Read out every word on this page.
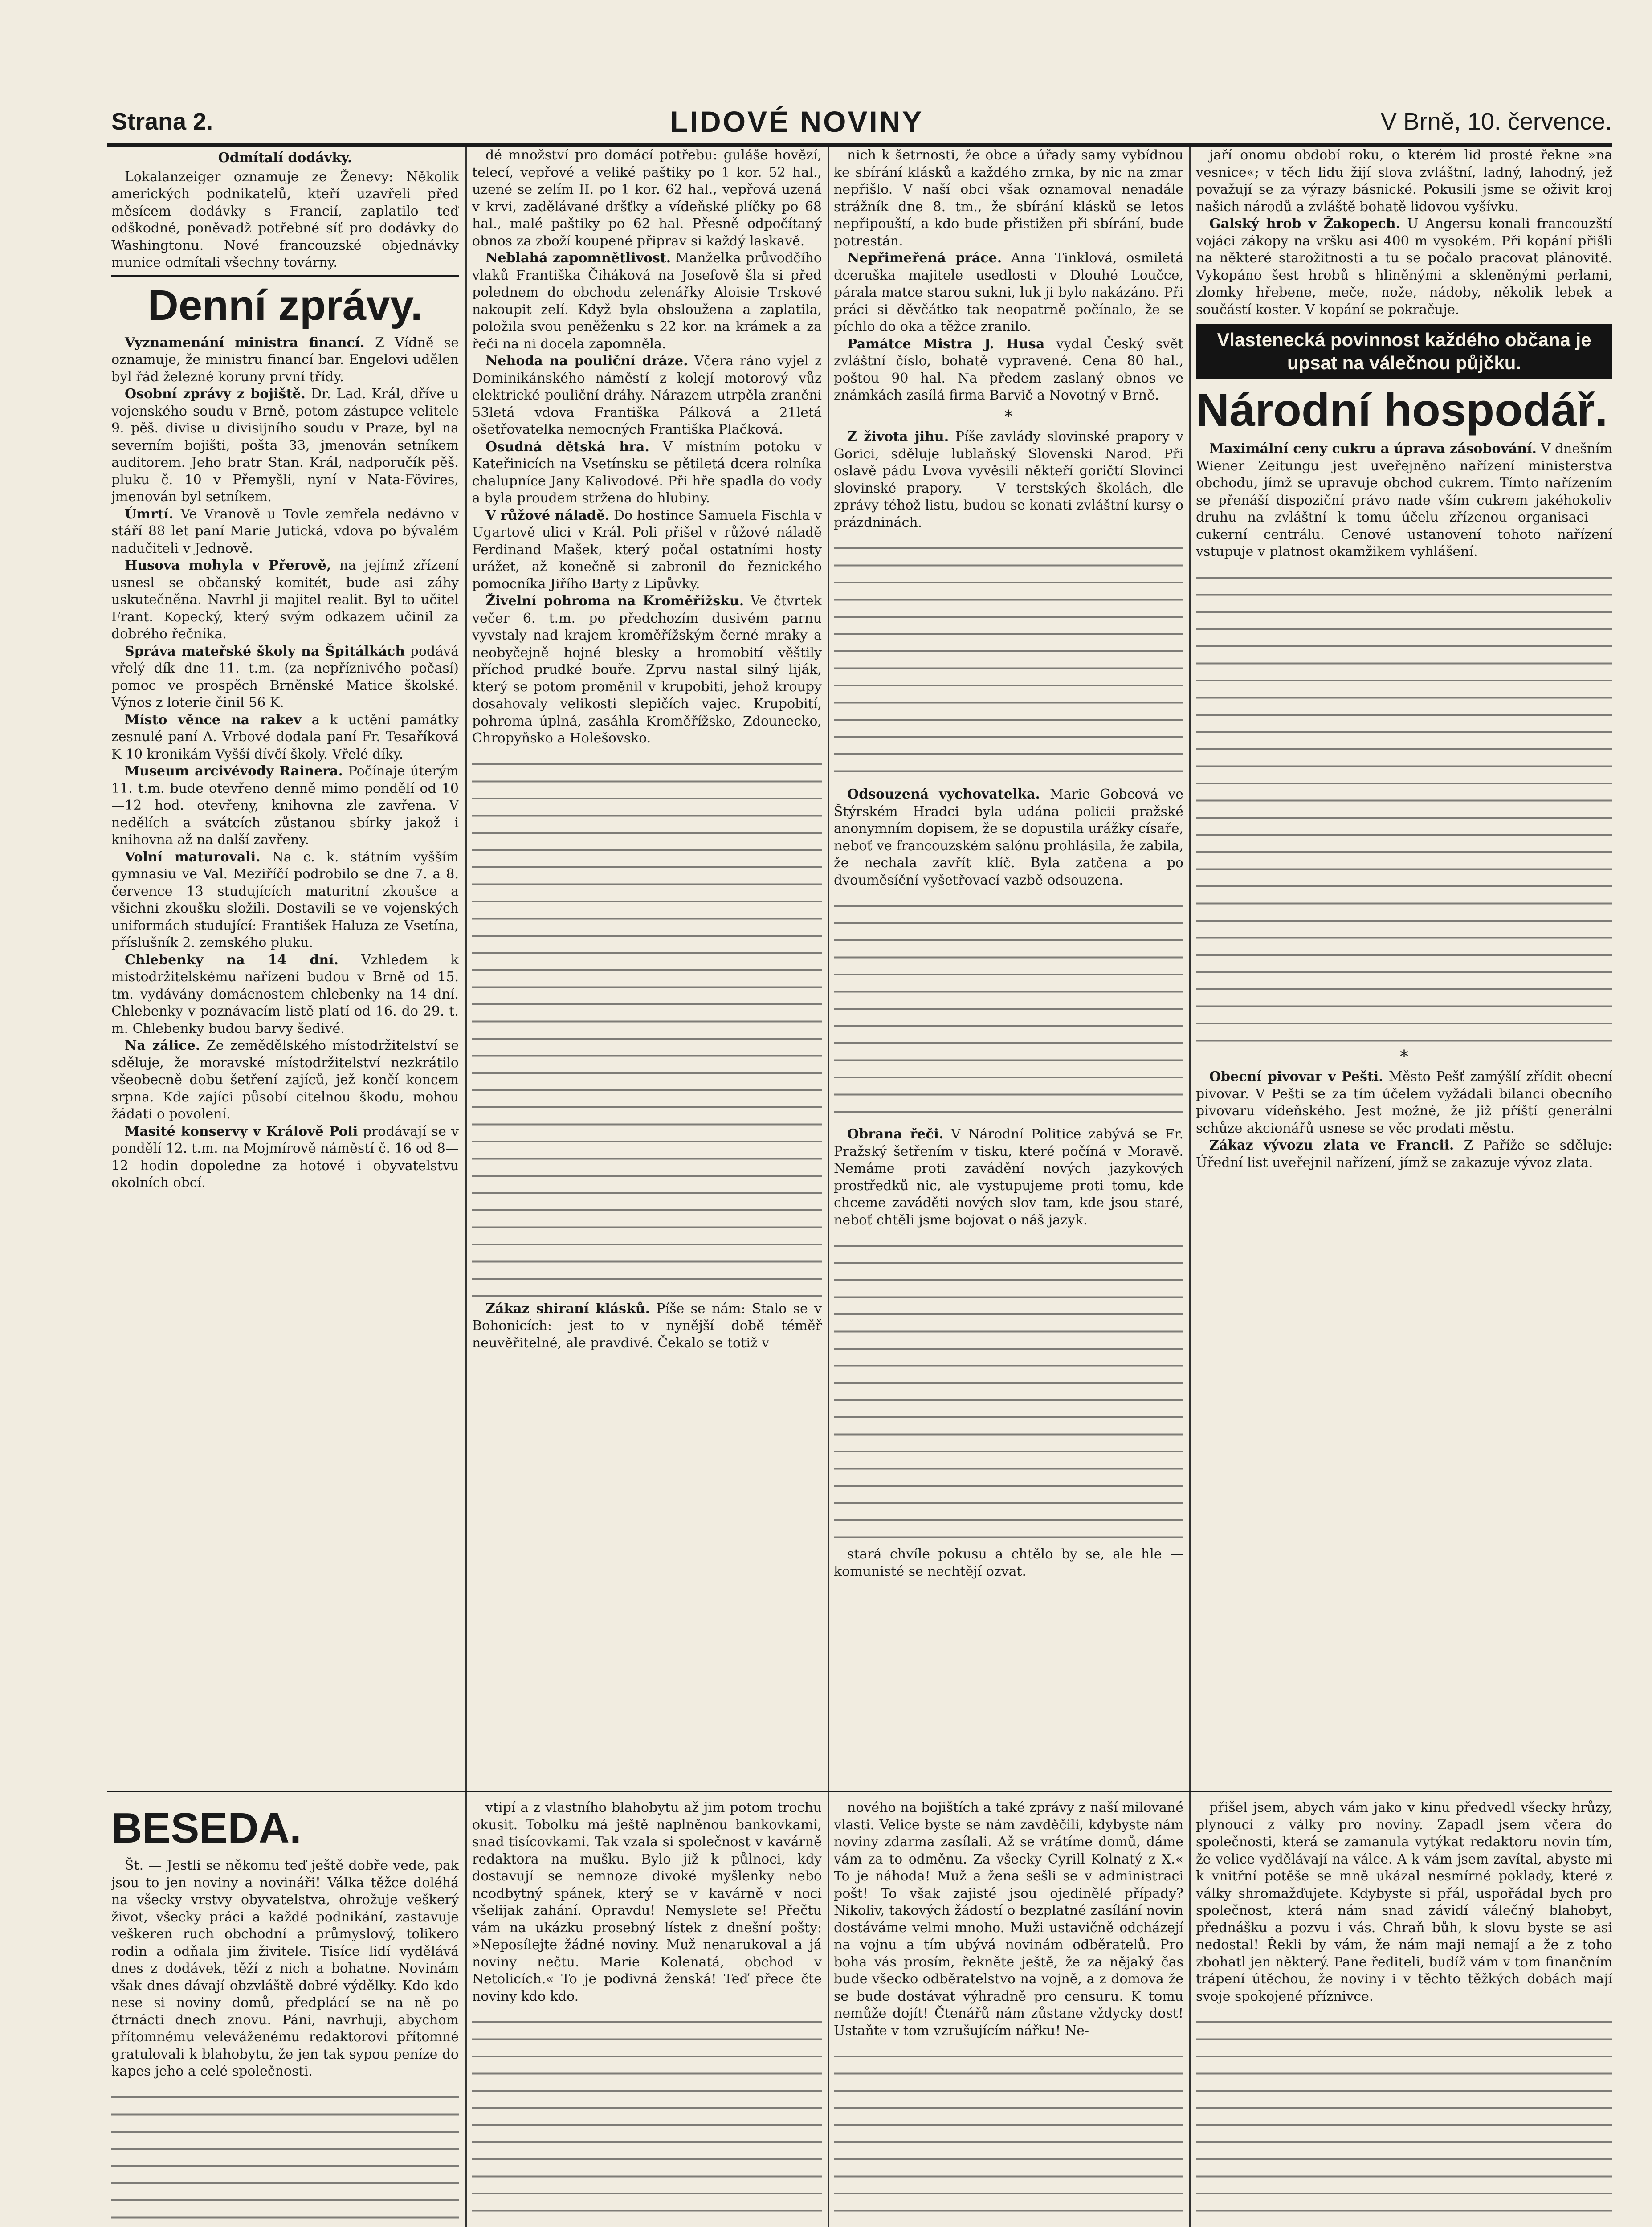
Strana 2.	LIDOVÉ NOVINY	V Brně, 10. července.
Odmítalí dodávky.

Lokalanzeiger oznamuje ze Ženevy: Několik amerických podnikatelů, kteří uzavřeli před měsícem dodávky s Francií, zaplatilo teď odškodné, poněvadž potřebné síť pro dodávky do Washingtonu. Nové francouzské objednávky munice odmítali všechny továrny.

Denní zprávy.

Vyznamenání ministra financí. Z Vídně se oznamuje, že ministru financí bar. Engelovi udělen byl řád železné koruny první třídy.

Osobní zprávy z bojiště. Dr. Lad. Král, dříve u vojenského soudu v Brně, potom zástupce velitele 9. pěš. divise u divisijního soudu v Praze, byl na severním bojišti, pošta 33, jmenován setníkem auditorem. Jeho bratr Stan. Král, nadporučík pěš. pluku č. 10 v Přemyšli, nyní v Nata-Fövires, jmenován byl setníkem.

Úmrtí. Ve Vranově u Tovle zemřela nedávno v stáří 88 let paní Marie Jutická, vdova po bývalém nadučiteli v Jednově.

Husova mohyla v Přerově, na jejímž zřízení usnesl se občanský komitét, bude asi záhy uskutečněna. Navrhl ji majitel realit. Byl to učitel Frant. Kopecký, který svým odkazem učinil za dobrého řečníka.

Správa mateřské školy na Špitálkách podává vřelý dík dne 11. t.m. (za nepříznivého počasí) pomoc ve prospěch Brněnské Matice školské. Výnos z loterie činil 56 K.

Místo věnce na rakev a k uctění památky zesnulé paní A. Vrbové dodala paní Fr. Tesaříková K 10 kronikám Vyšší dívčí školy. Vřelé díky.

Museum arcivévody Rainera. Počínaje úterým 11. t.m. bude otevřeno denně mimo pondělí od 10—12 hod. otevřeny, knihovna zle zavřena. V nedělích a svátcích zůstanou sbírky jakož i knihovna až na další zavřeny.

Volní maturovali. Na c. k. státním vyšším gymnasiu ve Val. Meziříčí podrobilo se dne 7. a 8. července 13 studujících maturitní zkoušce a všichni zkoušku složili. Dostavili se ve vojenských uniformách studující: František Haluza ze Vsetína, příslušník 2. zemského pluku.

Chlebenky na 14 dní. Vzhledem k místodržitelskému nařízení budou v Brně od 15. tm. vydávány domácnostem chlebenky na 14 dní. Chlebenky v poznávacím listě platí od 16. do 29. t. m. Chlebenky budou barvy šedivé.

Na zálice. Ze zemědělského místodržitelství se sděluje, že moravské místodržitelství nezkrátilo všeobecně dobu šetření zajíců, jež končí koncem srpna. Kde zajíci působí citelnou škodu, mohou žádati o povolení.

Masité konservy v Králově Poli prodávají se v pondělí 12. t.m. na Mojmírově náměstí č. 16 od 8—12 hodin dopoledne za hotové i obyvatelstvu okolních obcí.

dé množství pro domácí potřebu: guláše hovězí, telecí, vepřové a veliké paštiky po 1 kor. 52 hal., uzené se zelím II. po 1 kor. 62 hal., vepřová uzená v krvi, zadělávané dršťky a vídeňské plíčky po 68 hal., malé paštiky po 62 hal. Přesně odpočítaný obnos za zboží koupené připrav si každý laskavě.

Neblahá zapomnětlivost. Manželka průvodčího vlaků Františka Čiháková na Josefově šla si před polednem do obchodu zelenářky Aloisie Trskové nakoupit zelí. Když byla obsloužena a zaplatila, položila svou peněženku s 22 kor. na krámek a za řeči na ni docela zapomněla.

Nehoda na pouliční dráze. Včera ráno vyjel z Dominikánského náměstí z kolejí motorový vůz elektrické pouliční dráhy. Nárazem utrpěla zraněni 53letá vdova Františka Pálková a 21letá ošetřovatelka nemocných Františka Plačková.

Osudná dětská hra. V místním potoku v Kateřinicích na Vsetínsku se pětiletá dcera rolníka chalupníce Jany Kalivodové. Při hře spadla do vody a byla proudem stržena do hlubiny.

V růžové náladě. Do hostince Samuela Fischla v Ugartově ulici v Král. Poli přišel v růžové náladě Ferdinand Mašek, který počal ostatními hosty urážet, až konečně si zabronil do řeznického pomocníka Jiřího Barty z Lipůvky.

Živelní pohroma na Kroměřížsku. Ve čtvrtek večer 6. t.m. po předchozím dusivém parnu vyvstaly nad krajem kroměřížským černé mraky a neobyčejně hojné blesky a hromobití věštily příchod prudké bouře. Zprvu nastal silný liják, který se potom proměnil v krupobití, jehož kroupy dosahovaly velikosti slepičích vajec. Krupobití, pohroma úplná, zasáhla Kroměřížsko, Zdounecko, Chropyňsko a Holešovsko.

Zákaz shiraní klásků. Píše se nám: Stalo se v Bohonicích: jest to v nynější době téměř neuvěřitelné, ale pravdivé. Čekalo se totiž v

nich k šetrnosti, že obce a úřady samy vybídnou ke sbírání klásků a každého zrnka, by nic na zmar nepřišlo. V naší obci však oznamoval nenadále strážník dne 8. tm., že sbírání klásků se letos nepřipouští, a kdo bude přistižen při sbírání, bude potrestán.

Nepřimeřená práce. Anna Tinklová, osmiletá dceruška majitele usedlosti v Dlouhé Loučce, párala matce starou sukni, luk ji bylo nakázáno. Při práci si děvčátko tak neopatrně počínalo, že se píchlo do oka a těžce zranilo.

Památce Mistra J. Husa vydal Český svět zvláštní číslo, bohatě vypravené. Cena 80 hal., poštou 90 hal. Na předem zaslaný obnos ve známkách zasílá firma Barvič a Novotný v Brně.

*

Z života jihu. Píše zavlády slovinské prapory v Gorici, sděluje lublaňský Slovenski Narod. Při oslavě pádu Lvova vyvěsili někteří goričtí Slovinci slovinské prapory. — V terstských školách, dle zprávy téhož listu, budou se konati zvláštní kursy o prázdninách.

Odsouzená vychovatelka. Marie Gobcová ve Štýrském Hradci byla udána policii pražské anonymním dopisem, že se dopustila urážky císaře, neboť ve francouzském salónu prohlásila, že zabila, že nechala zavřít klíč. Byla zatčena a po dvouměsíční vyšetřovací vazbě odsouzena.

Obrana řeči. V Národní Politice zabývá se Fr. Pražský šetřením v tisku, které počíná v Moravě. Nemáme proti zavádění nových jazykových prostředků nic, ale vystupujeme proti tomu, kde chceme zaváděti nových slov tam, kde jsou staré, neboť chtěli jsme bojovat o náš jazyk.

stará chvíle pokusu a chtělo by se, ale hle — komunisté se nechtějí ozvat.

jaří onomu období roku, o kterém lid prosté řekne »na vesnice«; v těch lidu žijí slova zvláštní, ladný, lahodný, jež považují se za výrazy básnické. Pokusili jsme se oživit kroj našich národů a zvláště bohatě lidovou vyšívku.

Galský hrob v Žakopech. U Angersu konali francouzští vojáci zákopy na vršku asi 400 m vysokém. Při kopání přišli na některé starožitnosti a tu se počalo pracovat plánovitě. Vykopáno šest hrobů s hliněnými a skleněnými perlami, zlomky hřebene, meče, nože, nádoby, několik lebek a součástí koster. V kopání se pokračuje.

Vlastenecká povinnost každého občana je upsat na válečnou půjčku.
Národní hospodář.

Maximální ceny cukru a úprava zásobování. V dnešním Wiener Zeitungu jest uveřejněno nařízení ministerstva obchodu, jímž se upravuje obchod cukrem. Tímto nařízením se přenáší dispoziční právo nade vším cukrem jakéhokoliv druhu na zvláštní k tomu účelu zřízenou organisaci — cukerní centrálu. Cenové ustanovení tohoto nařízení vstupuje v platnost okamžikem vyhlášení.

*

Obecní pivovar v Pešti. Město Pešť zamýšlí zřídit obecní pivovar. V Pešti se za tím účelem vyžádali bilanci obecního pivovaru vídeňského. Jest možné, že již příští generální schůze akcionářů usnese se věc prodati městu.

Zákaz vývozu zlata ve Francii. Z Paříže se sděluje: Úřední list uveřejnil nařízení, jímž se zakazuje vývoz zlata.

BESEDA.

Št. — Jestli se někomu teď ještě dobře vede, pak jsou to jen noviny a novináři! Válka těžce doléhá na všecky vrstvy obyvatelstva, ohrožuje veškerý život, všecky práci a každé podnikání, zastavuje veškeren ruch obchodní a průmyslový, tolikero rodin a odňala jim živitele. Tisíce lidí vydělává dnes z dodávek, těží z nich a bohatne. Novinám však dnes dávají obzvláště dobré výdělky. Kdo kdo nese si noviny domů, předplácí se na ně po čtrnácti dnech znovu. Páni, navrhuji, abychom přítomnému veleváženému redaktorovi přítomné gratulovali k blahobytu, že jen tak sypou peníze do kapes jeho a celé společnosti.

vtipí a z vlastního blahobytu až jim potom trochu okusit. Tobolku má ještě naplněnou bankovkami, snad tisícovkami. Tak vzala si společnost v kavárně redaktora na mušku. Bylo již k půlnoci, kdy dostavují se nemnoze divoké myšlenky nebo ncodbytný spánek, který se v kavárně v noci všelijak zahání. Opravdu! Nemyslete se! Přečtu vám na ukázku prosebný lístek z dnešní pošty: »Neposílejte žádné noviny. Muž nenarukoval a já noviny nečtu. Marie Kolenatá, obchod v Netolicích.« To je podivná ženská! Teď přece čte noviny kdo kdo.

nového na bojištích a také zprávy z naší milované vlasti. Velice byste se nám zavděčili, kdybyste nám noviny zdarma zasílali. Až se vrátíme domů, dáme vám za to odměnu. Za všecky Cyrill Kolnatý z X.« To je náhoda! Muž a žena sešli se v administraci pošt! To však zajisté jsou ojedinělé případy? Nikoliv, takových žádostí o bezplatné zasílání novin dostáváme velmi mnoho. Muži ustavičně odcházejí na vojnu a tím ubývá novinám odběratelů. Pro boha vás prosím, řekněte ještě, že za nějaký čas bude všecko odběratelstvo na vojně, a z domova že se bude dostávat výhradně pro censuru. K tomu nemůže dojít! Čtenářů nám zůstane vždycky dost! Ustaňte v tom vzrušujícím nářku! Ne-

přišel jsem, abych vám jako v kinu předvedl všecky hrůzy, plynoucí z války pro noviny. Zapadl jsem včera do společnosti, která se zamanula vytýkat redaktoru novin tím, že velice vydělávají na válce. A k vám jsem zavítal, abyste mi k vnitřní potěše se mně ukázal nesmírné poklady, které z války shromažďujete. Kdybyste si přál, uspořádal bych pro společnost, která nám snad závidí válečný blahobyt, přednášku a pozvu i vás. Chraň bůh, k slovu byste se asi nedostal! Řekli by vám, že nám maji nemají a že z toho zbohatl jen některý. Pane řediteli, budíž vám v tom finančním trápení útěchou, že noviny i v těchto těžkých dobách mají svoje spokojené příznivce.
